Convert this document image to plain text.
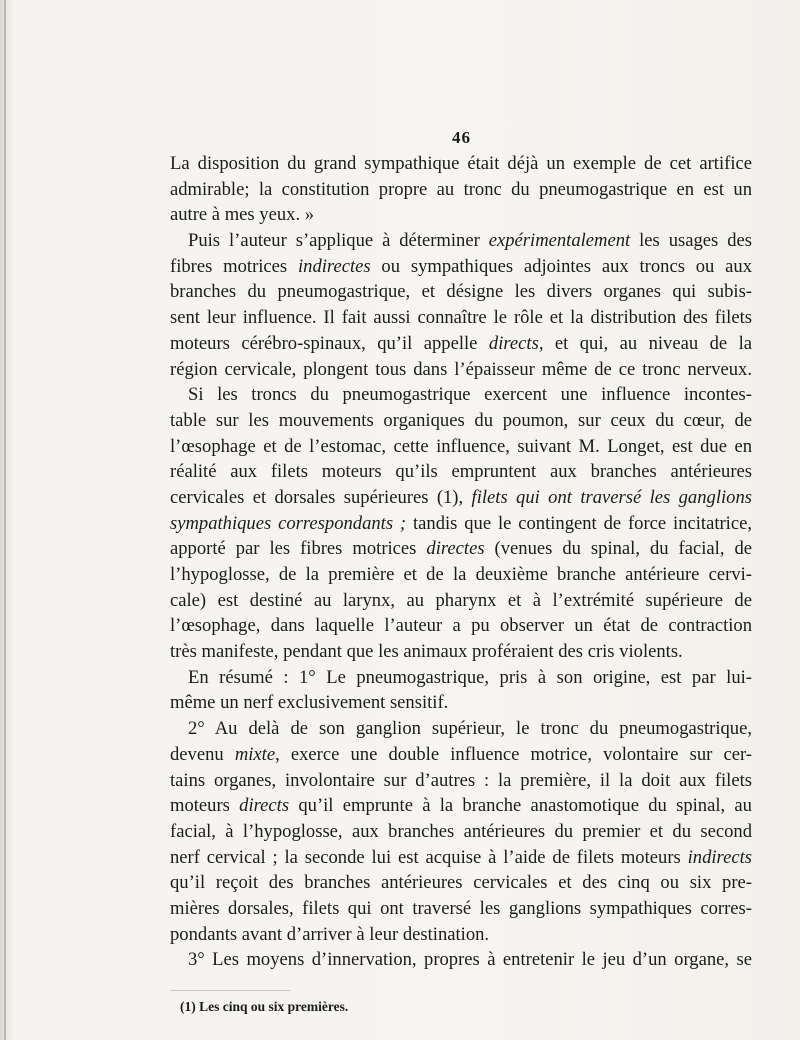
46
La disposition du grand sympathique était déjà un exemple de cet artifice
admirable; la constitution propre au tronc du pneumogastrique en est un
autre à mes yeux. »
Puis l’auteur s’applique à déterminer expérimentalement les usages des
fibres motrices indirectes ou sympathiques adjointes aux troncs ou aux
branches du pneumogastrique, et désigne les divers organes qui subis-
sent leur influence. Il fait aussi connaître le rôle et la distribution des filets
moteurs cérébro-spinaux, qu’il appelle directs, et qui, au niveau de la
région cervicale, plongent tous dans l’épaisseur même de ce tronc nerveux.
Si les troncs du pneumogastrique exercent une influence incontes-
table sur les mouvements organiques du poumon, sur ceux du cœur, de
l’œsophage et de l’estomac, cette influence, suivant M. Longet, est due en
réalité aux filets moteurs qu’ils empruntent aux branches antérieures
cervicales et dorsales supérieures (1), filets qui ont traversé les ganglions
sympathiques correspondants ; tandis que le contingent de force incitatrice,
apporté par les fibres motrices directes (venues du spinal, du facial, de
l’hypoglosse, de la première et de la deuxième branche antérieure cervi-
cale) est destiné au larynx, au pharynx et à l’extrémité supérieure de
l’œsophage, dans laquelle l’auteur a pu observer un état de contraction
très manifeste, pendant que les animaux proféraient des cris violents.
En résumé : 1° Le pneumogastrique, pris à son origine, est par lui-
même un nerf exclusivement sensitif.
2° Au delà de son ganglion supérieur, le tronc du pneumogastrique,
devenu mixte, exerce une double influence motrice, volontaire sur cer-
tains organes, involontaire sur d’autres : la première, il la doit aux filets
moteurs directs qu’il emprunte à la branche anastomotique du spinal, au
facial, à l’hypoglosse, aux branches antérieures du premier et du second
nerf cervical ; la seconde lui est acquise à l’aide de filets moteurs indirects
qu’il reçoit des branches antérieures cervicales et des cinq ou six pre-
mières dorsales, filets qui ont traversé les ganglions sympathiques corres-
pondants avant d’arriver à leur destination.
3° Les moyens d’innervation, propres à entretenir le jeu d’un organe, se
(1) Les cinq ou six premières.
